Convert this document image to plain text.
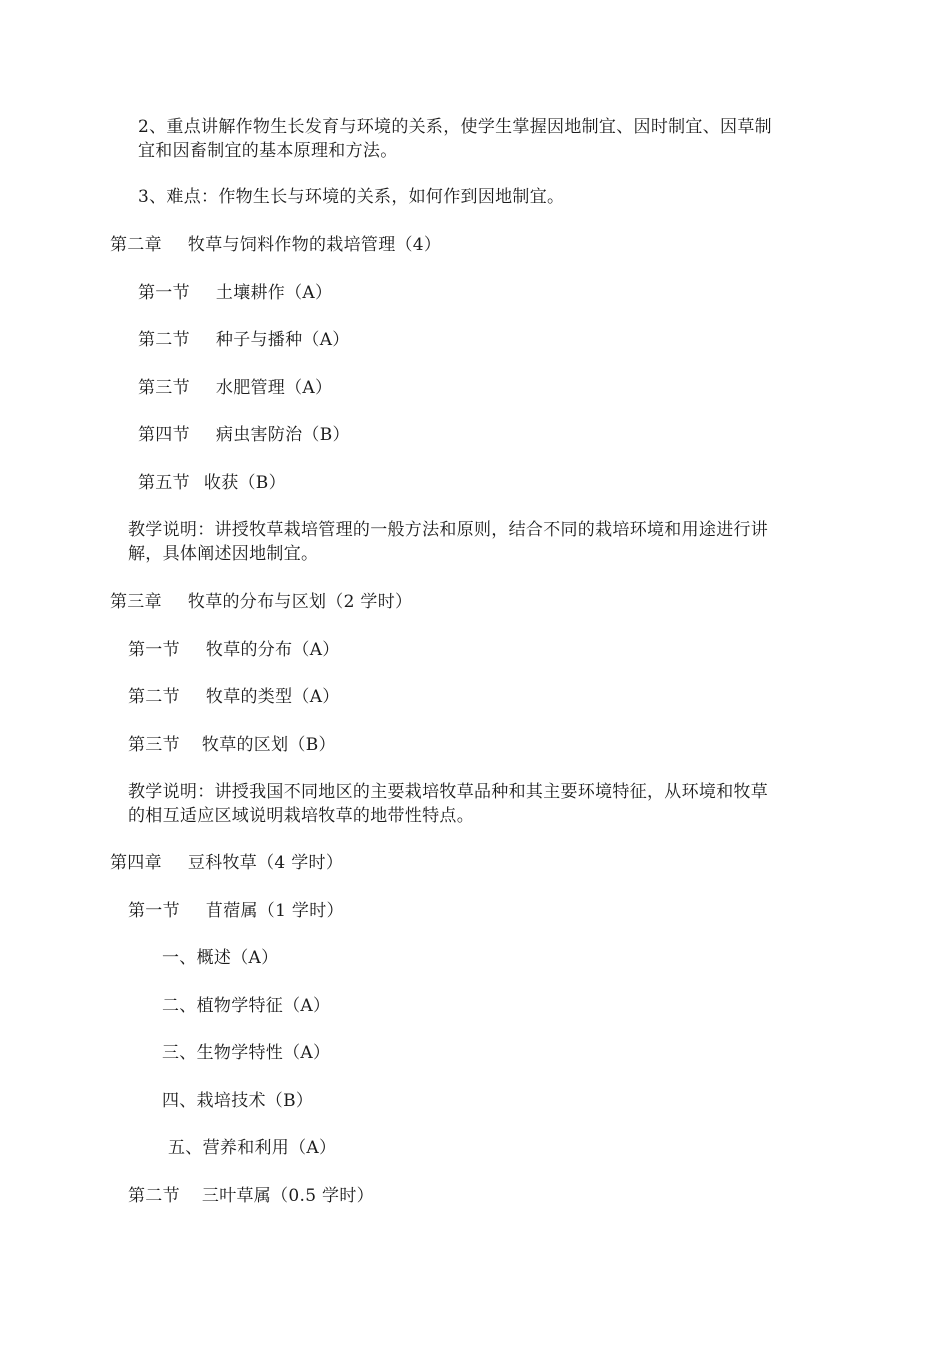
2、重点讲解作物生长发育与环境的关系，使学生掌握因地制宜、因时制宜、因草制
宜和因畜制宜的基本原理和方法。
3、难点：作物生长与环境的关系，如何作到因地制宜。
第二章 牧草与饲料作物的栽培管理（4）
第一节 土壤耕作（A）
第二节 种子与播种（A）
第三节 水肥管理（A）
第四节 病虫害防治（B）
第五节 收获（B）
教学说明：讲授牧草栽培管理的一般方法和原则，结合不同的栽培环境和用途进行讲
解，具体阐述因地制宜。
第三章 牧草的分布与区划（2 学时）
第一节 牧草的分布（A）
第二节 牧草的类型（A）
第三节 牧草的区划（B）
教学说明：讲授我国不同地区的主要栽培牧草品种和其主要环境特征，从环境和牧草
的相互适应区域说明栽培牧草的地带性特点。
第四章 豆科牧草（4 学时）
第一节 苜蓿属（1 学时）
一、概述（A）
二、植物学特征（A）
三、生物学特性（A）
四、栽培技术（B）
五、营养和利用（A）
第二节 三叶草属（0.5 学时）
